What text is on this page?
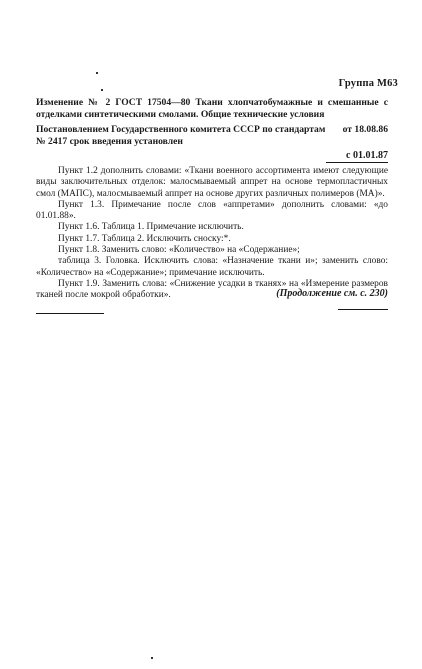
Группа М63
Изменение № 2 ГОСТ 17504—80 Ткани хлопчатобумажные и смешанные с отделками синтетическими смолами. Общие технические условия
Постановлением Государственного комитета СССР по стандартам от 18.08.86
№ 2417 срок введения установлен
с 01.01.87

Пункт 1.2 дополнить словами: «Ткани военного ассортимента имеют следующие виды заключительных отделок: малосмываемый аппрет на основе термопластичных смол (МАПС), малосмываемый аппрет на основе других различных полимеров (МА)».

Пункт 1.3. Примечание после слов «аппретами» дополнить словами: «до 01.01.88».

Пункт 1.6. Таблица 1. Примечание исключить.

Пункт 1.7. Таблица 2. Исключить сноску:*.

Пункт 1.8. Заменить слово: «Количество» на «Содержание»;

таблица 3. Головка. Исключить слова: «Назначение ткани и»; заменить слово: «Количество» на «Содержание»; примечание исключить.

Пункт 1.9. Заменить слова: «Снижение усадки в тканях» на «Измерение размеров тканей после мокрой обработки».	(Продолжение см. с. 230)
